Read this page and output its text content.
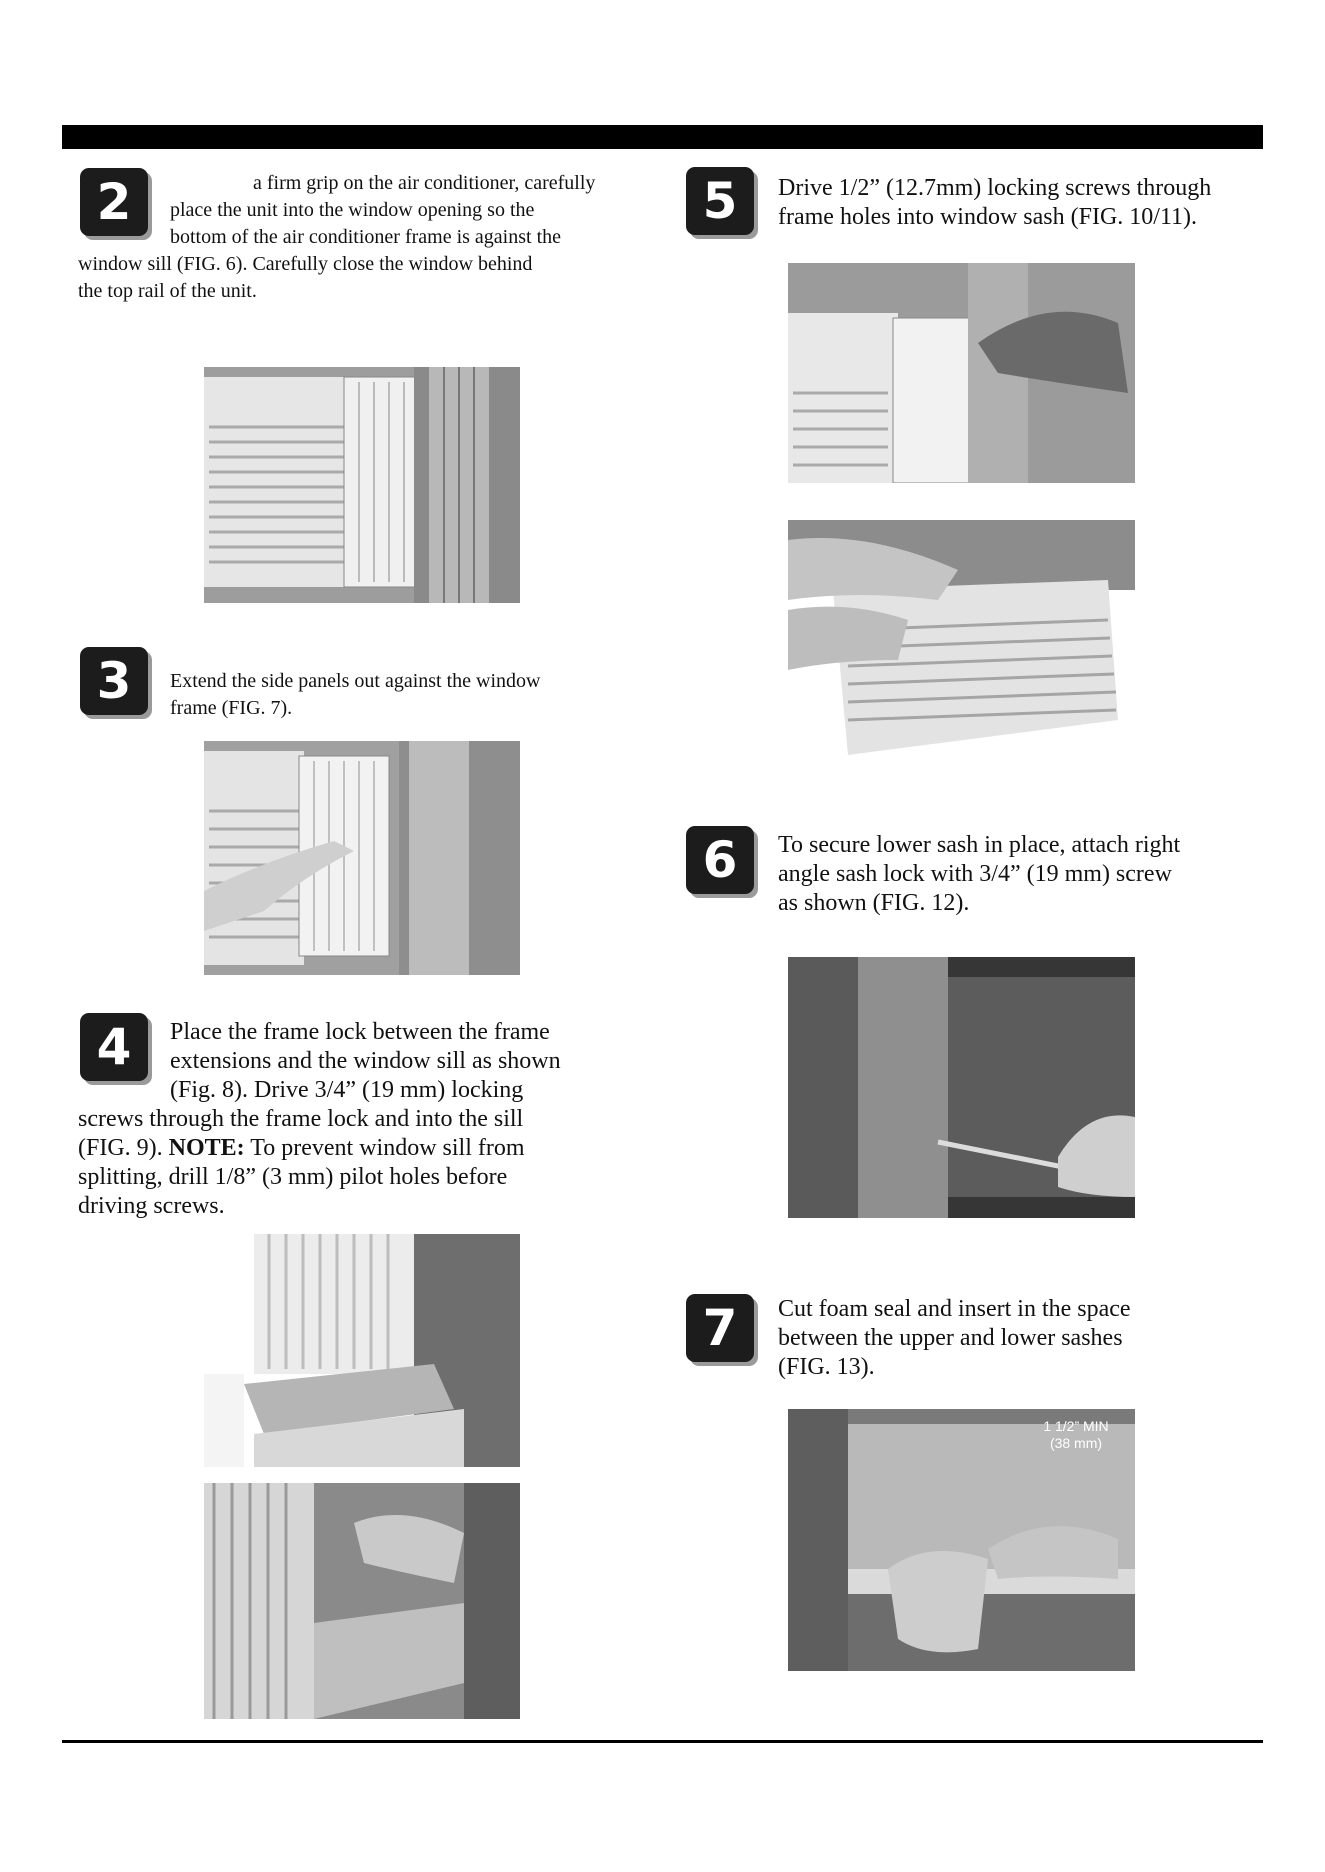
2	a firm grip on the air conditioner, carefully
place the unit into the window opening so the
bottom of the air conditioner frame is against the
window sill (FIG. 6). Carefully close the window behind
the top rail of the unit.
3	Extend the side panels out against the window
frame (FIG. 7).
4	Place the frame lock between the frame
extensions and the window sill as shown
(Fig. 8). Drive 3/4” (19 mm) locking
screws through the frame lock and into the sill
(FIG. 9). NOTE: To prevent window sill from
splitting, drill 1/8” (3 mm) pilot holes before
driving screws.
5	Drive 1/2” (12.7mm) locking screws through
frame holes into window sash (FIG. 10/11).
6	To secure lower sash in place, attach right
angle sash lock with 3/4” (19 mm) screw
as shown (FIG. 12).
7	Cut foam seal and insert in the space
between the upper and lower sashes
(FIG. 13).
1 1/2” MIN
(38 mm)
